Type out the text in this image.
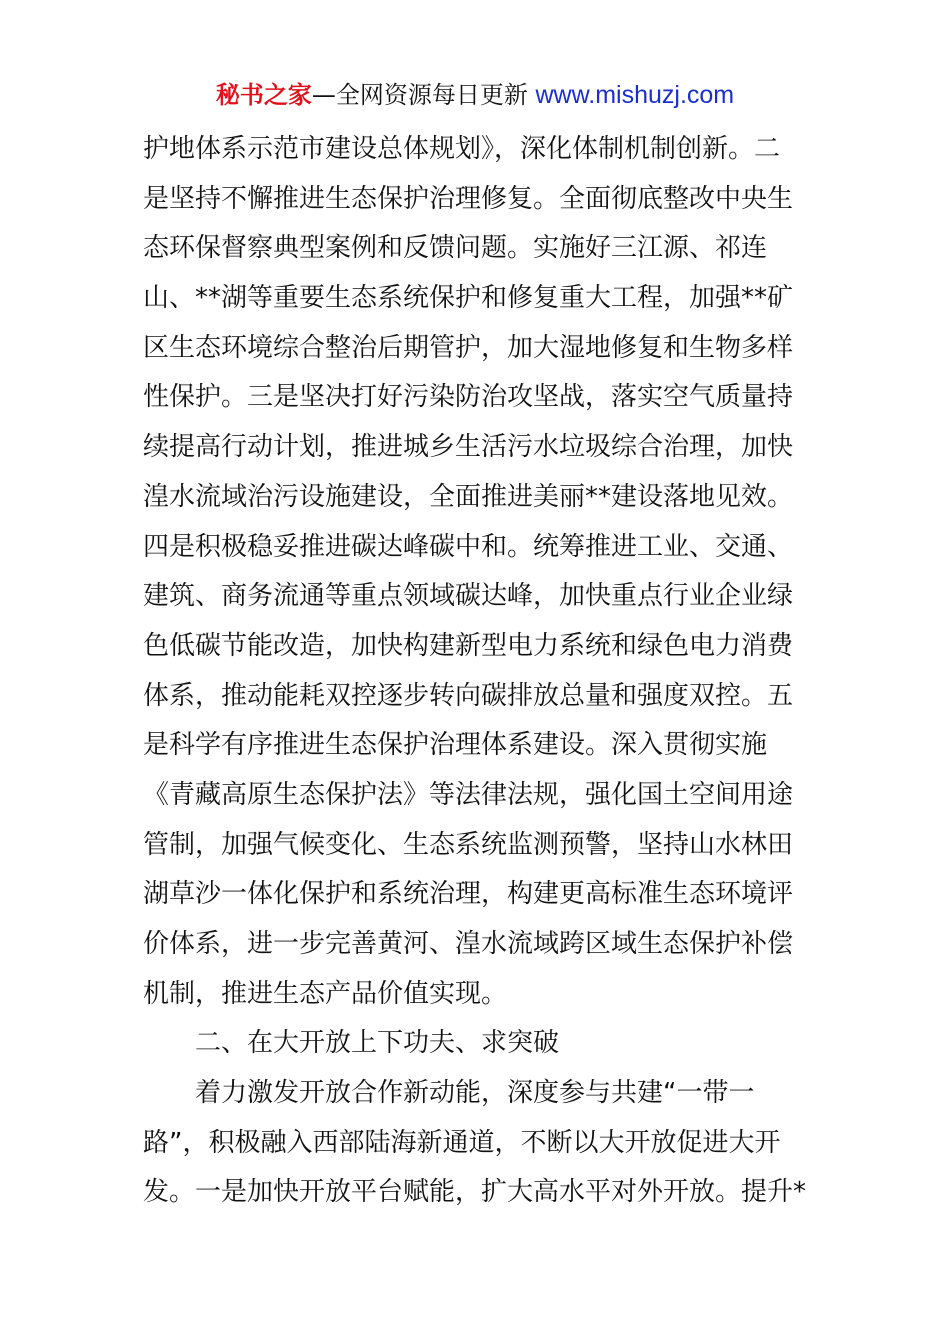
秘书之家—全网资源每日更新 www.mishuzj.com
护地体系示范市建设总体规划》，深化体制机制创新。二
是坚持不懈推进生态保护治理修复。全面彻底整改中央生
态环保督察典型案例和反馈问题。实施好三江源、祁连
山、**湖等重要生态系统保护和修复重大工程，加强**矿
区生态环境综合整治后期管护，加大湿地修复和生物多样
性保护。三是坚决打好污染防治攻坚战，落实空气质量持
续提高行动计划，推进城乡生活污水垃圾综合治理，加快
湟水流域治污设施建设，全面推进美丽**建设落地见效。
四是积极稳妥推进碳达峰碳中和。统筹推进工业、交通、
建筑、商务流通等重点领域碳达峰，加快重点行业企业绿
色低碳节能改造，加快构建新型电力系统和绿色电力消费
体系，推动能耗双控逐步转向碳排放总量和强度双控。五
是科学有序推进生态保护治理体系建设。深入贯彻实施
《青藏高原生态保护法》等法律法规，强化国土空间用途
管制，加强气候变化、生态系统监测预警，坚持山水林田
湖草沙一体化保护和系统治理，构建更高标准生态环境评
价体系，进一步完善黄河、湟水流域跨区域生态保护补偿
机制，推进生态产品价值实现。
二、在大开放上下功夫、求突破
着力激发开放合作新动能，深度参与共建“一带一
路”，积极融入西部陆海新通道，不断以大开放促进大开
发。一是加快开放平台赋能，扩大高水平对外开放。提升*
